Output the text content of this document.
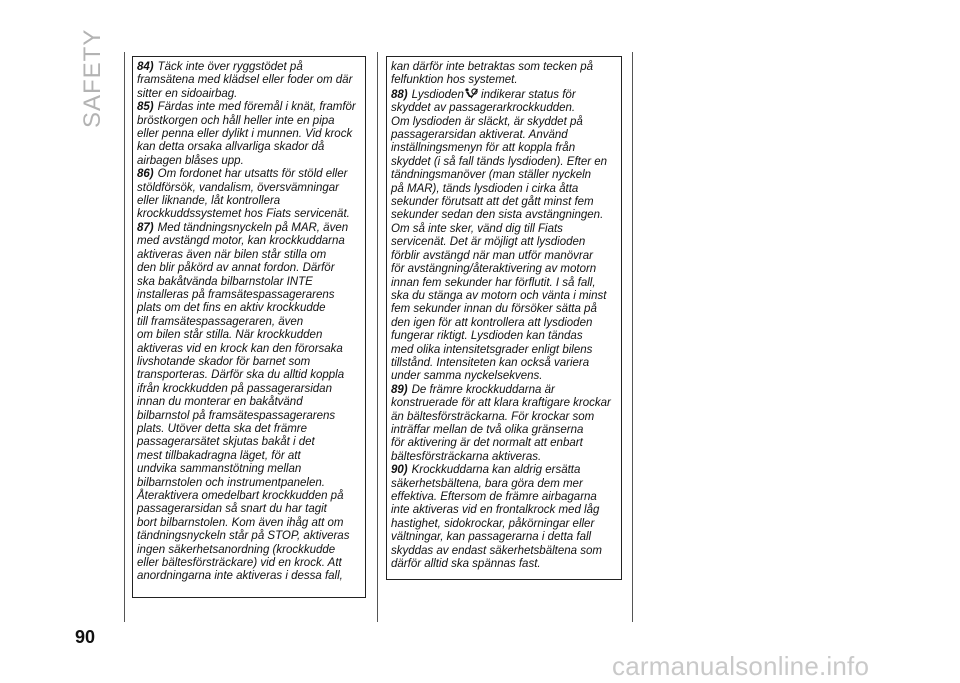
SAFETY	84) Täck inte över ryggstödet på

framsätena med klädsel eller foder om där

sitter en sidoairbag.

85) Färdas inte med föremål i knät, framför

bröstkorgen och håll heller inte en pipa

eller penna eller dylikt i munnen. Vid krock

kan detta orsaka allvarliga skador då

airbagen blåses upp.

86) Om fordonet har utsatts för stöld eller

stöldförsök, vandalism, översvämningar

eller liknande, låt kontrollera

krockkuddssystemet hos Fiats servicenät.

87) Med tändningsnyckeln på MAR, även

med avstängd motor, kan krockkuddarna

aktiveras även när bilen står stilla om

den blir påkörd av annat fordon. Därför

ska bakåtvända bilbarnstolar INTE

installeras på framsätespassagerarens

plats om det fins en aktiv krockkudde

till framsätespassageraren, även

om bilen står stilla. När krockkudden

aktiveras vid en krock kan den förorsaka

livshotande skador för barnet som

transporteras. Därför ska du alltid koppla

ifrån krockkudden på passagerarsidan

innan du monterar en bakåtvänd

bilbarnstol på framsätespassagerarens

plats. Utöver detta ska det främre

passagerarsätet skjutas bakåt i det

mest tillbakadragna läget, för att

undvika sammanstötning mellan

bilbarnstolen och instrumentpanelen.

Återaktivera omedelbart krockkudden på

passagerarsidan så snart du har tagit

bort bilbarnstolen. Kom även ihåg att om

tändningsnyckeln står på STOP, aktiveras

ingen säkerhetsanordning (krockkudde

eller bältesförsträckare) vid en krock. Att

anordningarna inte aktiveras i dessa fall,

kan därför inte betraktas som tecken på

felfunktion hos systemet.

88) Lysdioden indikerar status för

skyddet av passagerarkrockkudden.

Om lysdioden är släckt, är skyddet på

passagerarsidan aktiverat. Använd

inställningsmenyn för att koppla från

skyddet (i så fall tänds lysdioden). Efter en

tändningsmanöver (man ställer nyckeln

på MAR), tänds lysdioden i cirka åtta

sekunder förutsatt att det gått minst fem

sekunder sedan den sista avstängningen.

Om så inte sker, vänd dig till Fiats

servicenät. Det är möjligt att lysdioden

förblir avstängd när man utför manövrar

för avstängning/återaktivering av motorn

innan fem sekunder har förflutit. I så fall,

ska du stänga av motorn och vänta i minst

fem sekunder innan du försöker sätta på

den igen för att kontrollera att lysdioden

fungerar riktigt. Lysdioden kan tändas

med olika intensitetsgrader enligt bilens

tillstånd. Intensiteten kan också variera

under samma nyckelsekvens.

89) De främre krockkuddarna är

konstruerade för att klara kraftigare krockar

än bältesförsträckarna. För krockar som

inträffar mellan de två olika gränserna

för aktivering är det normalt att enbart

bältesförsträckarna aktiveras.

90) Krockkuddarna kan aldrig ersätta

säkerhetsbältena, bara göra dem mer

effektiva. Eftersom de främre airbagarna

inte aktiveras vid en frontalkrock med låg

hastighet, sidokrockar, påkörningar eller

vältningar, kan passagerarna i detta fall

skyddas av endast säkerhetsbältena som

därför alltid ska spännas fast.

90
carmanualsonline.info
